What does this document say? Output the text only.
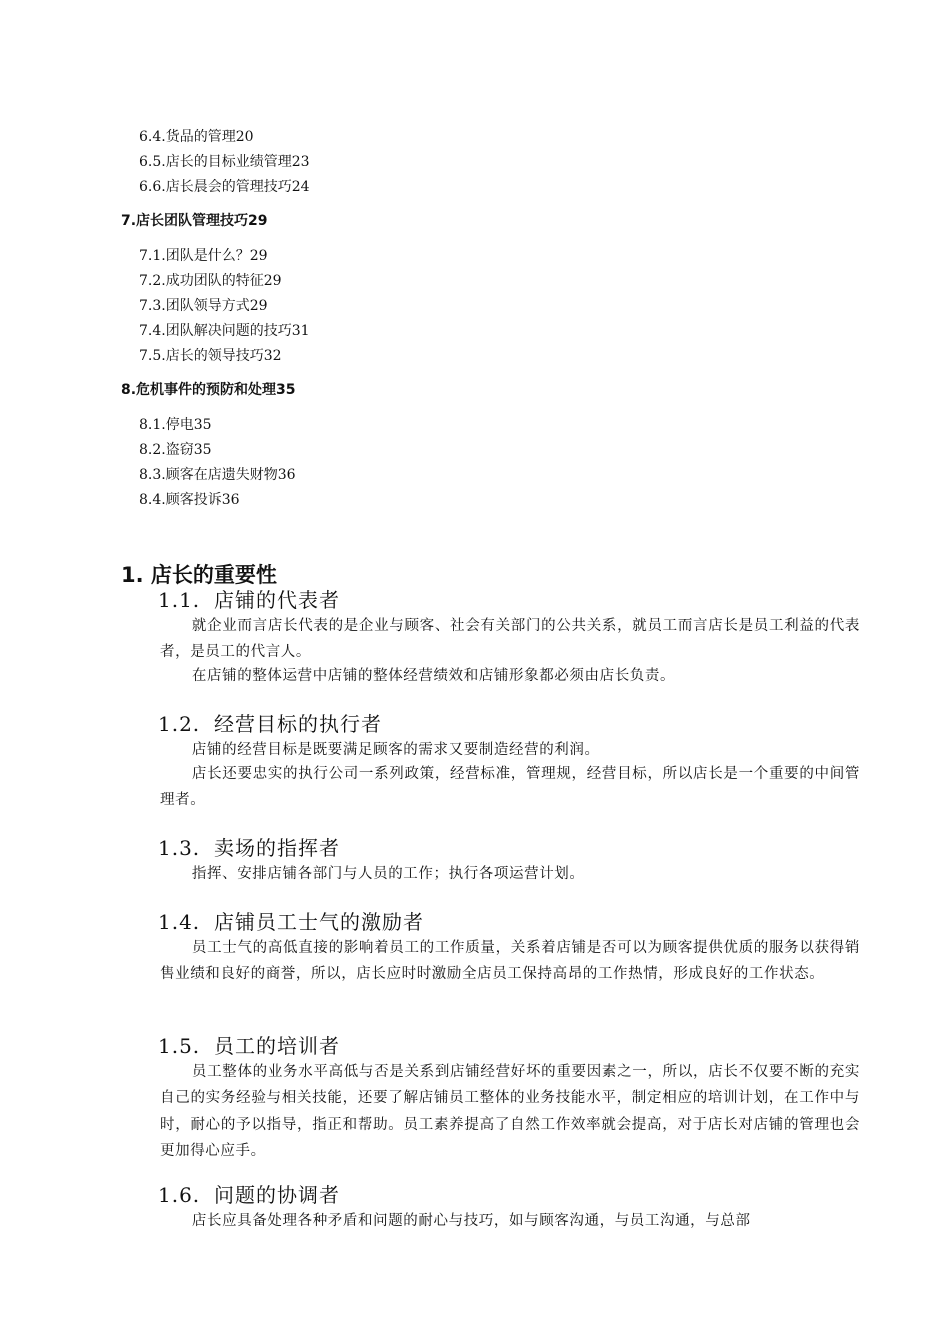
6.4.货品的管理20
6.5.店长的目标业绩管理23
6.6.店长晨会的管理技巧24
7.店长团队管理技巧29
7.1.团队是什么？29
7.2.成功团队的特征29
7.3.团队领导方式29
7.4.团队解决问题的技巧31
7.5.店长的领导技巧32
8.危机事件的预防和处理35
8.1.停电35
8.2.盗窃35
8.3.顾客在店遗失财物36
8.4.顾客投诉36
1. 店长的重要性
1.1. 店铺的代表者

就企业而言店长代表的是企业与顾客、社会有关部门的公共关系，就员工而言店长是员工利益的代表者，是员工的代言人。

在店铺的整体运营中店铺的整体经营绩效和店铺形象都必须由店长负责。

1.2. 经营目标的执行者

店铺的经营目标是既要满足顾客的需求又要制造经营的利润。

店长还要忠实的执行公司一系列政策，经营标准，管理规，经营目标，所以店长是一个重要的中间管理者。

1.3. 卖场的指挥者

指挥、安排店铺各部门与人员的工作；执行各项运营计划。

1.4. 店铺员工士气的激励者

员工士气的高低直接的影响着员工的工作质量，关系着店铺是否可以为顾客提供优质的服务以获得销售业绩和良好的商誉，所以，店长应时时激励全店员工保持高昂的工作热情，形成良好的工作状态。

1.5. 员工的培训者

员工整体的业务水平高低与否是关系到店铺经营好坏的重要因素之一，所以，店长不仅要不断的充实自己的实务经验与相关技能，还要了解店铺员工整体的业务技能水平，制定相应的培训计划，在工作中与时，耐心的予以指导，指正和帮助。员工素养提高了自然工作效率就会提高，对于店长对店铺的管理也会更加得心应手。

1.6. 问题的协调者

店长应具备处理各种矛盾和问题的耐心与技巧，如与顾客沟通，与员工沟通，与总部
